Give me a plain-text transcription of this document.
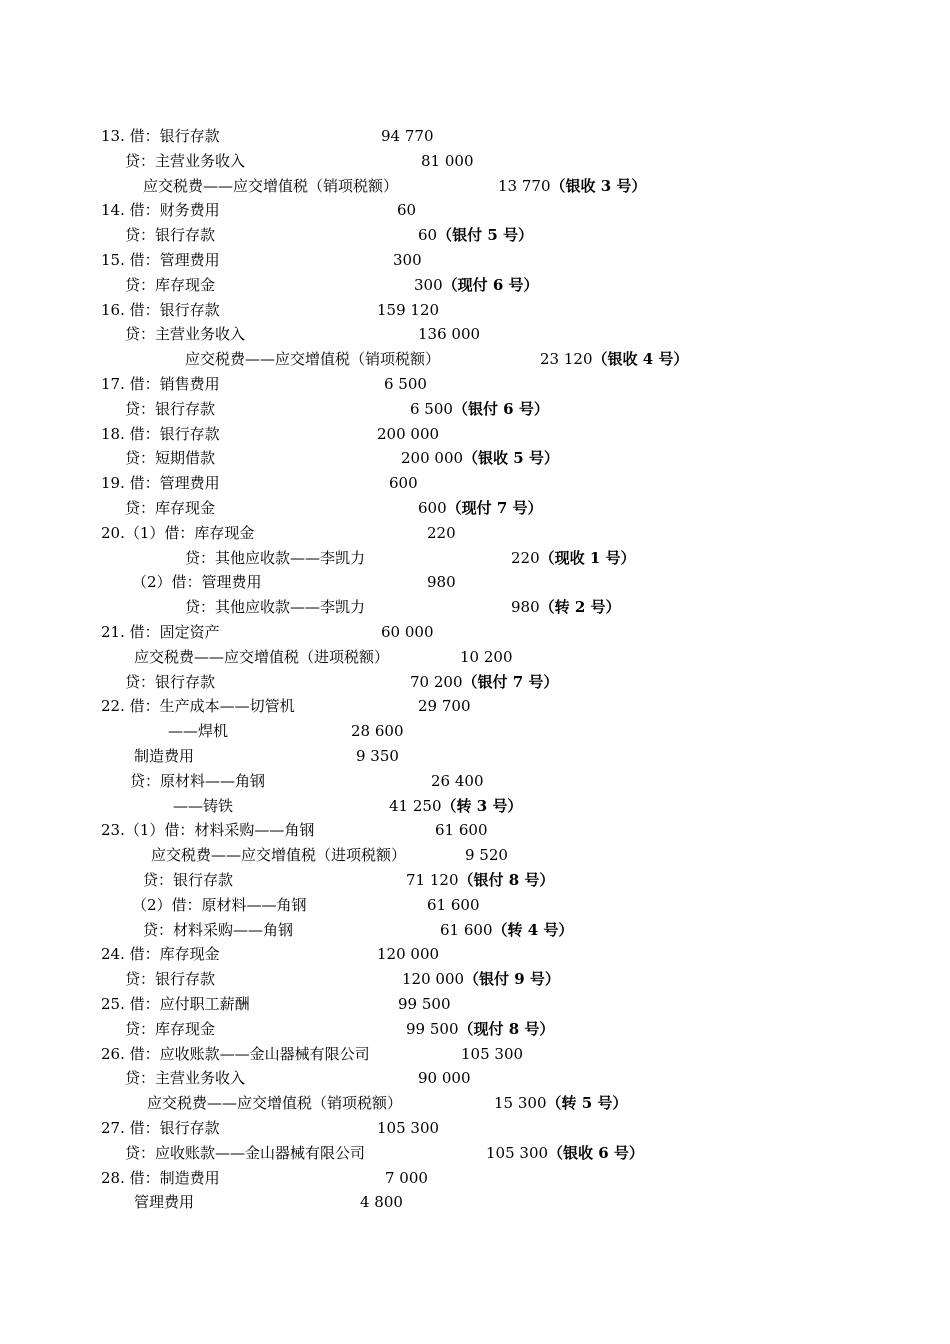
13. 借：银行存款	94 770
贷：主营业务收入	81 000
应交税费——应交增值税（销项税额）	13 770（银收 3 号）
14. 借：财务费用	60
贷：银行存款	60（银付 5 号）
15. 借：管理费用	300
贷：库存现金	300（现付 6 号）
16. 借：银行存款	159 120
贷：主营业务收入	136 000
应交税费——应交增值税（销项税额）	23 120（银收 4 号）
17. 借：销售费用	6 500
贷：银行存款	6 500（银付 6 号）
18. 借：银行存款	200 000
贷：短期借款	200 000（银收 5 号）
19. 借：管理费用	600
贷：库存现金	600（现付 7 号）
20.（1）借：库存现金	220
贷：其他应收款——李凯力	220（现收 1 号）
（2）借：管理费用	980
贷：其他应收款——李凯力	980（转 2 号）
21. 借：固定资产	60 000
应交税费——应交增值税（进项税额）	10 200
贷：银行存款	70 200（银付 7 号）
22. 借：生产成本——切管机	29 700
——焊机	28 600
制造费用	9 350
贷：原材料——角钢	26 400
——铸铁	41 250（转 3 号）
23.（1）借：材料采购——角钢	61 600
应交税费——应交增值税（进项税额）	9 520
贷：银行存款	71 120（银付 8 号）
（2）借：原材料——角钢	61 600
贷：材料采购——角钢	61 600（转 4 号）
24. 借：库存现金	120 000
贷：银行存款	120 000（银付 9 号）
25. 借：应付职工薪酬	99 500
贷：库存现金	99 500（现付 8 号）
26. 借：应收账款——金山器械有限公司	105 300
贷：主营业务收入	90 000
应交税费——应交增值税（销项税额）	15 300（转 5 号）
27. 借：银行存款	105 300
贷：应收账款——金山器械有限公司	105 300（银收 6 号）
28. 借：制造费用	7 000
管理费用	4 800
